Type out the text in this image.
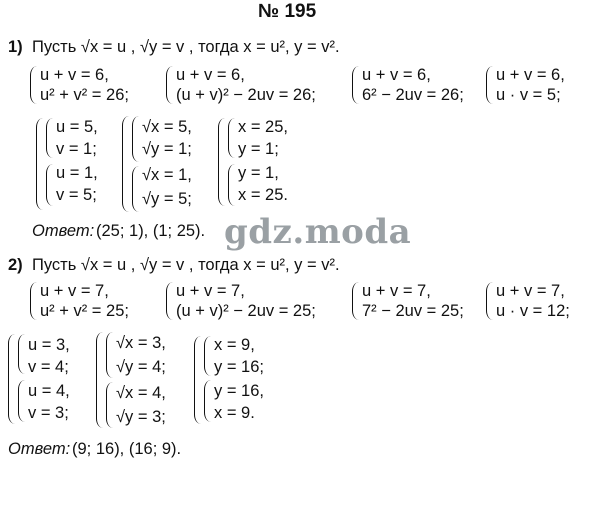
№ 195
1) Пусть √x = u , √y = v , тогда x = u², y = v².
u + v = 6,
u² + v² = 26;
u + v = 6,
(u + v)² − 2uv = 26;
u + v = 6,
6² − 2uv = 26;
u + v = 6,
u · v = 5;
u = 5,
v = 1;
u = 1,
v = 5;
√x = 5,
√y = 1;
√x = 1,
√y = 5;
x = 25,
y = 1;
y = 1,
x = 25.
Ответ: (25; 1), (1; 25). gdz.moda
2) Пусть √x = u , √y = v , тогда x = u², y = v².
u + v = 7,
u² + v² = 25;
u + v = 7,
(u + v)² − 2uv = 25;
u + v = 7,
7² − 2uv = 25;
u + v = 7,
u · v = 12;
u = 3,
v = 4;
u = 4,
v = 3;
√x = 3,
√y = 4;
√x = 4,
√y = 3;
x = 9,
y = 16;
y = 16,
x = 9.
Ответ: (9; 16), (16; 9).
